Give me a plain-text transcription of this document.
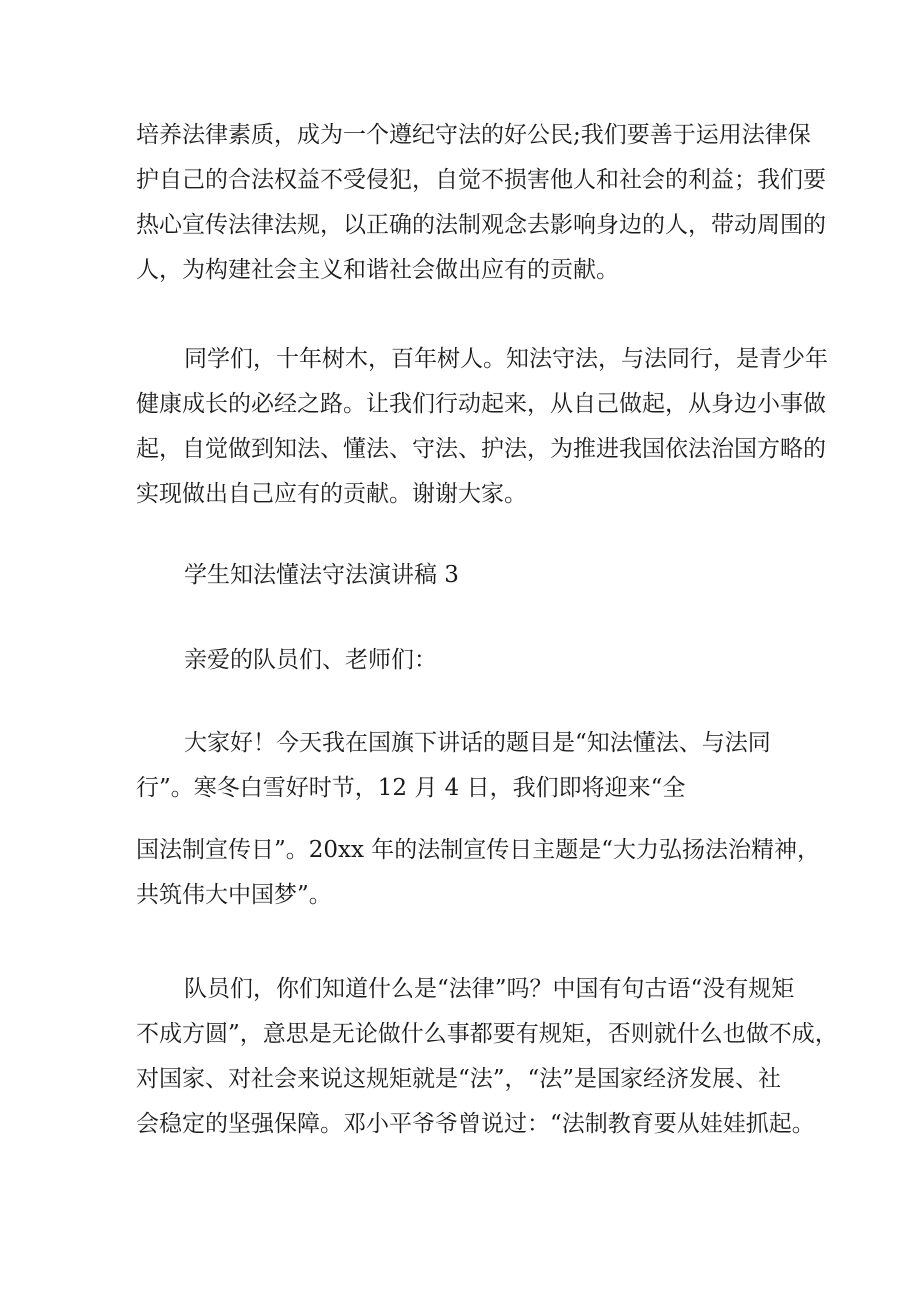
培养法律素质，成为一个遵纪守法的好公民;我们要善于运用法律保
护自己的合法权益不受侵犯，自觉不损害他人和社会的利益；我们要
热心宣传法律法规，以正确的法制观念去影响身边的人，带动周围的
人，为构建社会主义和谐社会做出应有的贡献。
同学们，十年树木，百年树人。知法守法，与法同行，是青少年
健康成长的必经之路。让我们行动起来，从自己做起，从身边小事做
起，自觉做到知法、懂法、守法、护法，为推进我国依法治国方略的
实现做出自己应有的贡献。谢谢大家。
学生知法懂法守法演讲稿 3
亲爱的队员们、老师们：
大家好！今天我在国旗下讲话的题目是“知法懂法、与法同
行”。寒冬白雪好时节，12 月 4 日，我们即将迎来“全
国法制宣传日”。20xx 年的法制宣传日主题是“大力弘扬法治精神，
共筑伟大中国梦”。
队员们，你们知道什么是“法律”吗？中国有句古语“没有规矩
不成方圆”，意思是无论做什么事都要有规矩，否则就什么也做不成，
对国家、对社会来说这规矩就是“法”，“法”是国家经济发展、社
会稳定的坚强保障。邓小平爷爷曾说过：“法制教育要从娃娃抓起。
